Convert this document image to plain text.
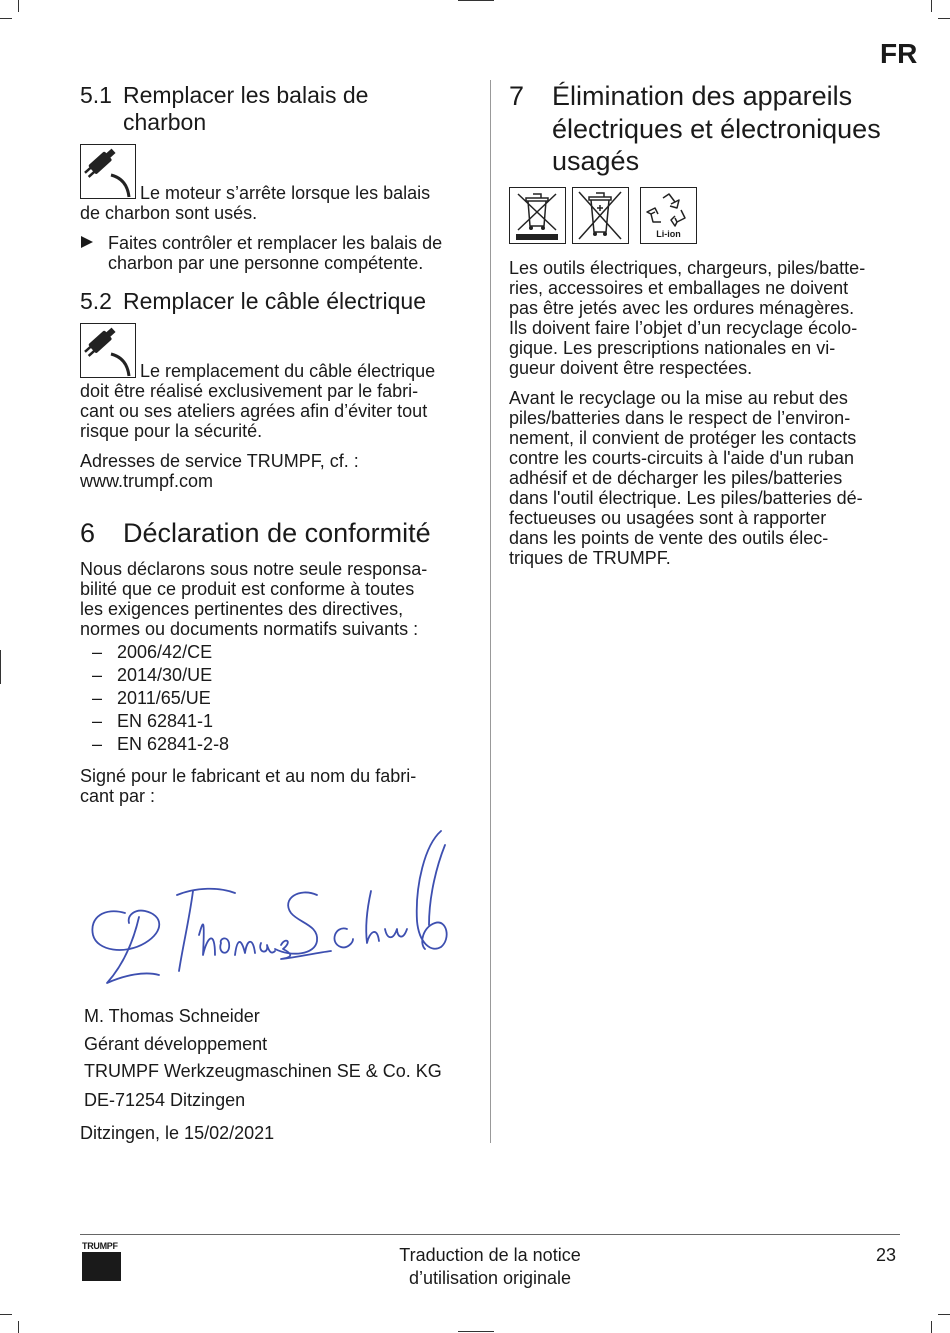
FR
5.1 Remplacer les balais de
charbon

Le moteur s’arrête lorsque les balais

de charbon sont usés.

Faites contrôler et remplacer les balais de

charbon par une personne compétente.

5.2 Remplacer le câble électrique

Le remplacement du câble électrique

doit être réalisé exclusivement par le fabri-

cant ou ses ateliers agrées afin d’éviter tout

risque pour la sécurité.

Adresses de service TRUMPF, cf. :

www.trumpf.com

6 Déclaration de conformité

Nous déclarons sous notre seule responsa-

bilité que ce produit est conforme à toutes

les exigences pertinentes des directives,

normes ou documents normatifs suivants :

– 2006/42/CE
– 2014/30/UE
– 2011/65/UE
– EN 62841-1
– EN 62841-2-8

Signé pour le fabricant et au nom du fabri-

cant par :

M. Thomas Schneider

Gérant développement

TRUMPF Werkzeugmaschinen SE & Co. KG

DE-71254 Ditzingen

Ditzingen, le 15/02/2021

7 Élimination des appareils
électriques et électroniques
usagés
Li-ion

Les outils électriques, chargeurs, piles/batte-

ries, accessoires et emballages ne doivent

pas être jetés avec les ordures ménagères.

Ils doivent faire l’objet d’un recyclage écolo-

gique. Les prescriptions nationales en vi-

gueur doivent être respectées.

Avant le recyclage ou la mise au rebut des

piles/batteries dans le respect de l’environ-

nement, il convient de protéger les contacts

contre les courts-circuits à l'aide d'un ruban

adhésif et de décharger les piles/batteries

dans l'outil électrique. Les piles/batteries dé-

fectueuses ou usagées sont à rapporter

dans les points de vente des outils élec-

triques de TRUMPF.

TRUMPF	Traduction de la notice
d’utilisation originale
23
